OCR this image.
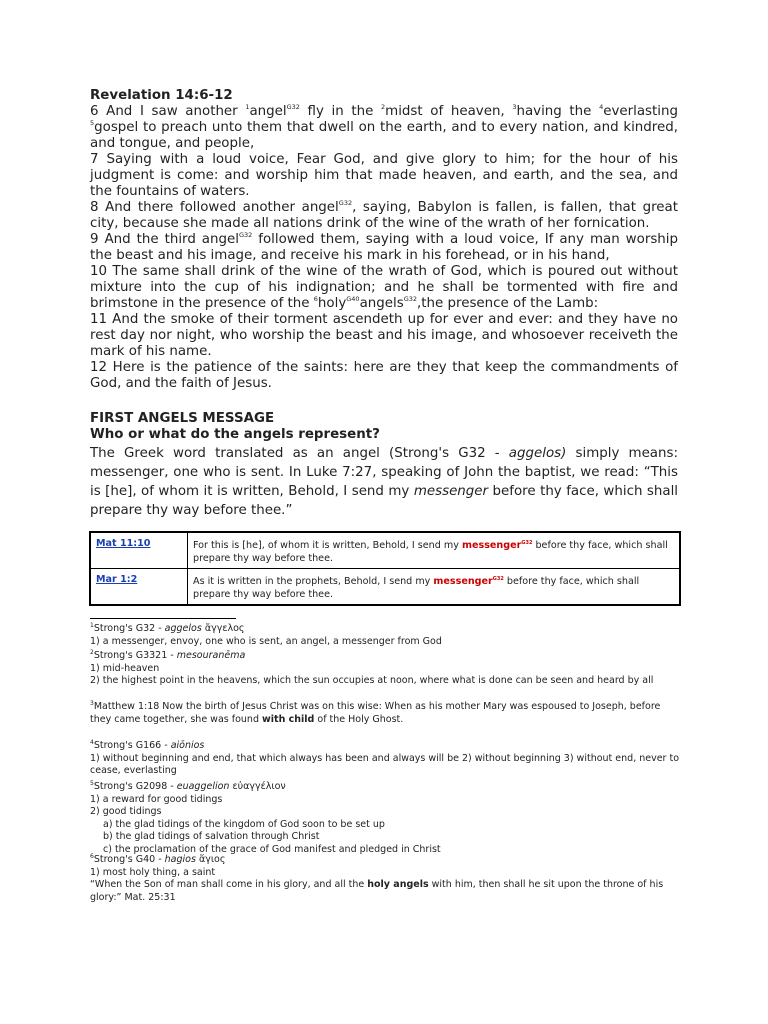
Revelation 14:6-12

6 And I saw another $^1$angel$^{G32}$ fly in the $^2$midst of heaven, $^3$having the $^4$everlasting $^5$gospel to preach unto them that dwell on the earth, and to every nation, and kindred, and tongue, and people,

7 Saying with a loud voice, Fear God, and give glory to him; for the hour of his judgment is come: and worship him that made heaven, and earth, and the sea, and the fountains of waters.

8 And there followed another angel$^{G32}$, saying, Babylon is fallen, is fallen, that great city, because she made all nations drink of the wine of the wrath of her fornication.

9 And the third angel$^{G32}$ followed them, saying with a loud voice, If any man worship the beast and his image, and receive his mark in his forehead, or in his hand,

10 The same shall drink of the wine of the wrath of God, which is poured out without mixture into the cup of his indignation; and he shall be tormented with fire and brimstone in the presence of the $^6$holy$^{G40}$angels$^{G32}$,the presence of the Lamb:

11 And the smoke of their torment ascendeth up for ever and ever: and they have no rest day nor night, who worship the beast and his image, and whosoever receiveth the mark of his name.

12 Here is the patience of the saints: here are they that keep the commandments of God, and the faith of Jesus.

FIRST ANGELS MESSAGE
Who or what do the angels represent?

The Greek word translated as an angel (Strong's G32 - aggelos) simply means: messenger, one who is sent. In Luke 7:27, speaking of John the baptist, we read: “This is [he], of whom it is written, Behold, I send my messenger before thy face, which shall prepare thy way before thee.”

Mat 11:10	For this is [he], of whom it is written, Behold, I send my messenger$^{G32}$ before thy face, which shall prepare thy way before thee.
Mar 1:2	As it is written in the prophets, Behold, I send my messenger$^{G32}$ before thy face, which shall prepare thy way before thee.

$^1$Strong's G32 - aggelos ἄγγελος

1) a messenger, envoy, one who is sent, an angel, a messenger from God

$^2$Strong's G3321 - mesouranēma

1) mid-heaven

2) the highest point in the heavens, which the sun occupies at noon, where what is done can be seen and heard by all

$^3$Matthew 1:18 Now the birth of Jesus Christ was on this wise: When as his mother Mary was espoused to Joseph, before they came together, she was found with child of the Holy Ghost.

$^4$Strong's G166 - aiōnios

1) without beginning and end, that which always has been and always will be 2) without beginning 3) without end, never to cease, everlasting

$^5$Strong's G2098 - euaggelion εὐαγγέλιον

1) a reward for good tidings

2) good tidings

a) the glad tidings of the kingdom of God soon to be set up

b) the glad tidings of salvation through Christ

c) the proclamation of the grace of God manifest and pledged in Christ

$^6$Strong's G40 - hagios ἅγιος

1) most holy thing, a saint

“When the Son of man shall come in his glory, and all the holy angels with him, then shall he sit upon the throne of his glory:” Mat. 25:31
